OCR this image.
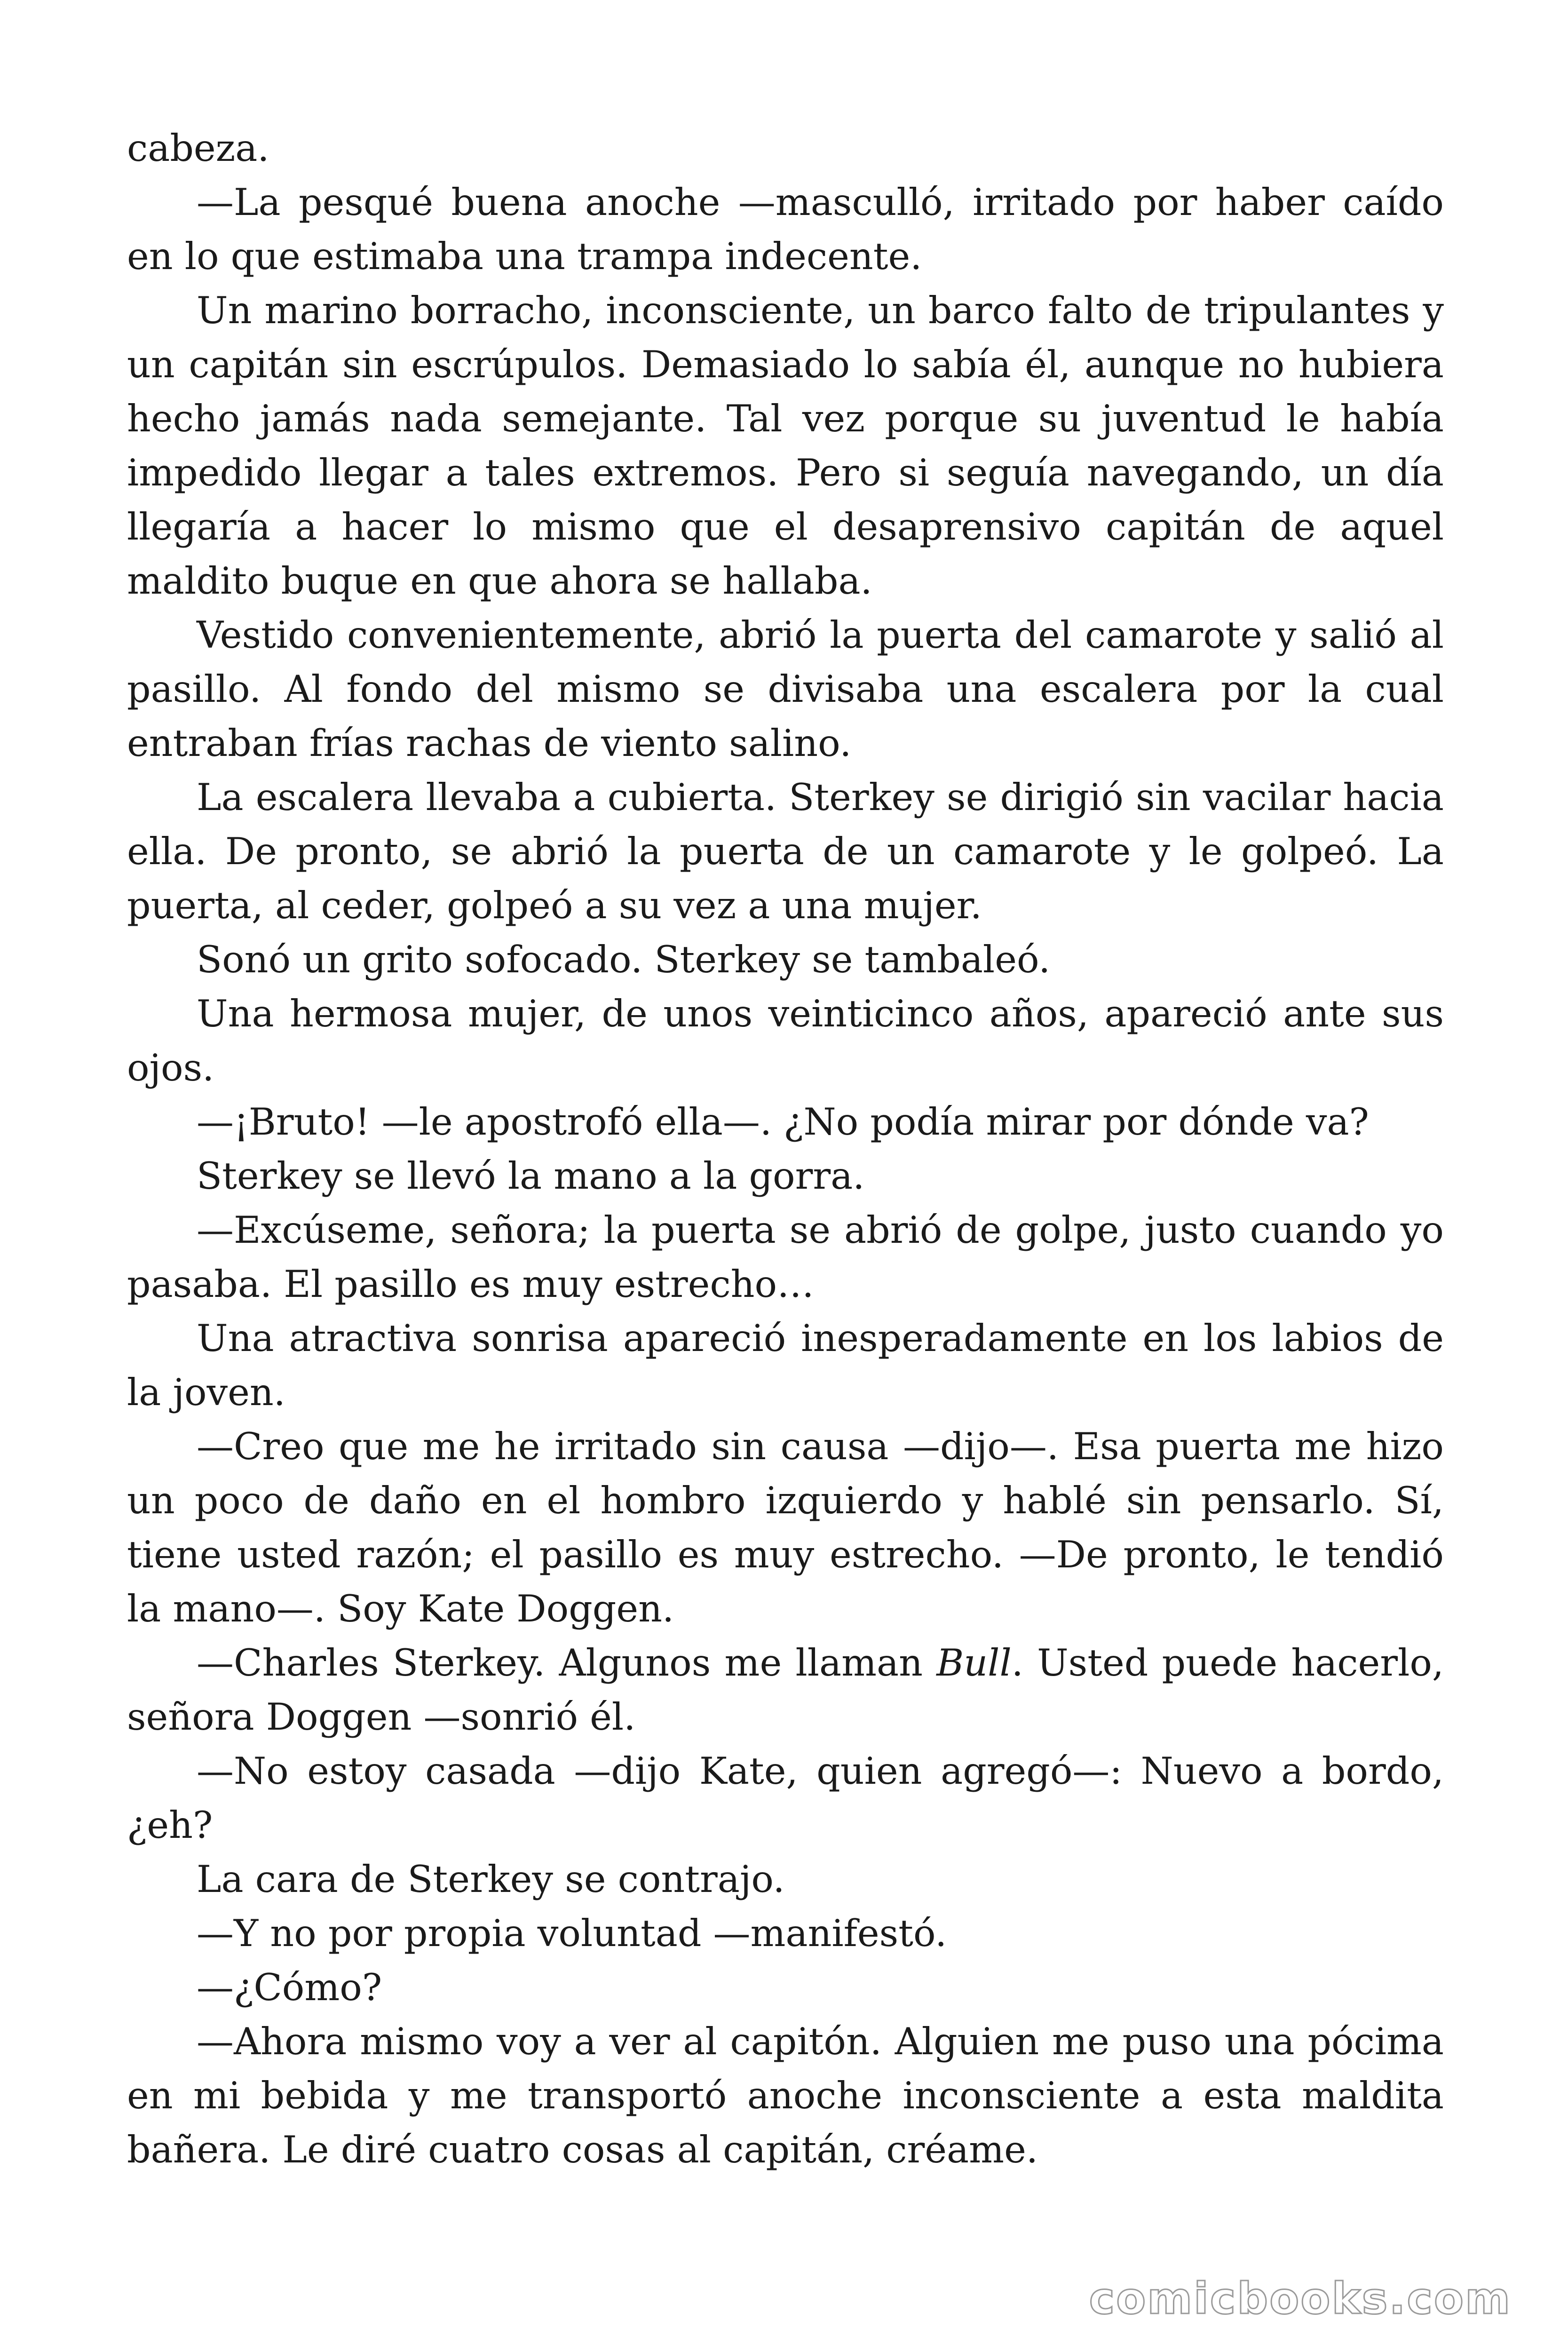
cabeza.

—La pesqué buena anoche —masculló, irritado por haber caído en lo que estimaba una trampa indecente.

Un marino borracho, inconsciente, un barco falto de tripulantes y un capitán sin escrúpulos. Demasiado lo sabía él, aunque no hubiera hecho jamás nada semejante. Tal vez porque su juventud le había impedido llegar a tales extremos. Pero si seguía navegando, un día llegaría a hacer lo mismo que el desaprensivo capitán de aquel maldito buque en que ahora se hallaba.

Vestido convenientemente, abrió la puerta del camarote y salió al pasillo. Al fondo del mismo se divisaba una escalera por la cual entraban frías rachas de viento salino.

La escalera llevaba a cubierta. Sterkey se dirigió sin vacilar hacia ella. De pronto, se abrió la puerta de un camarote y le golpeó. La puerta, al ceder, golpeó a su vez a una mujer.

Sonó un grito sofocado. Sterkey se tambaleó.

Una hermosa mujer, de unos veinticinco años, apareció ante sus ojos.

—¡Bruto! —le apostrofó ella—. ¿No podía mirar por dónde va?

Sterkey se llevó la mano a la gorra.

—Excúseme, señora; la puerta se abrió de golpe, justo cuando yo pasaba. El pasillo es muy estrecho…

Una atractiva sonrisa apareció inesperadamente en los labios de la joven.

—Creo que me he irritado sin causa —dijo—. Esa puerta me hizo un poco de daño en el hombro izquierdo y hablé sin pensarlo. Sí, tiene usted razón; el pasillo es muy estrecho. —De pronto, le tendió la mano—. Soy Kate Doggen.

—Charles Sterkey. Algunos me llaman Bull. Usted puede hacerlo, señora Doggen —sonrió él.

—No estoy casada —dijo Kate, quien agregó—: Nuevo a bordo, ¿eh?

La cara de Sterkey se contrajo.

—Y no por propia voluntad —manifestó.

—¿Cómo?

—Ahora mismo voy a ver al capitón. Alguien me puso una pócima en mi bebida y me transportó anoche inconsciente a esta maldita bañera. Le diré cuatro cosas al capitán, créame.

comicbooks.com
